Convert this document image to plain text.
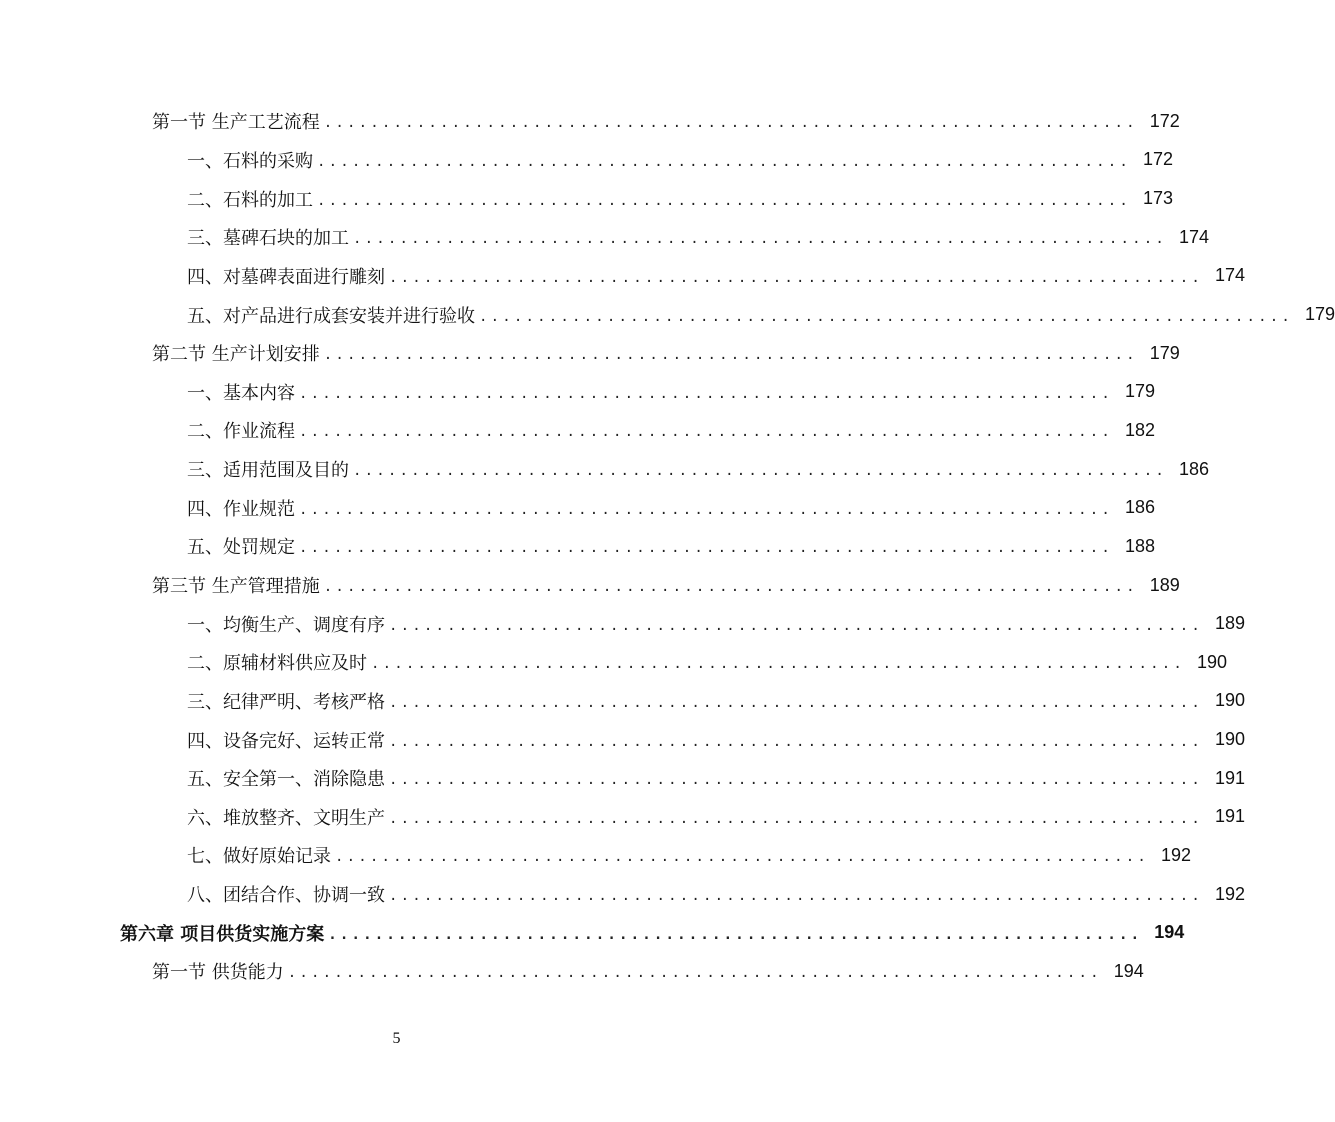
第一节 生产工艺流程 ...................................................................... 172
一、石料的采购 ...................................................................... 172
二、石料的加工 ...................................................................... 173
三、墓碑石块的加工 ...................................................................... 174
四、对墓碑表面进行雕刻 ...................................................................... 174
五、对产品进行成套安装并进行验收 ...................................................................... 179
第二节 生产计划安排 ...................................................................... 179
一、基本内容 ...................................................................... 179
二、作业流程 ...................................................................... 182
三、适用范围及目的 ...................................................................... 186
四、作业规范 ...................................................................... 186
五、处罚规定 ...................................................................... 188
第三节 生产管理措施 ...................................................................... 189
一、均衡生产、调度有序 ...................................................................... 189
二、原辅材料供应及时 ...................................................................... 190
三、纪律严明、考核严格 ...................................................................... 190
四、设备完好、运转正常 ...................................................................... 190
五、安全第一、消除隐患 ...................................................................... 191
六、堆放整齐、文明生产 ...................................................................... 191
七、做好原始记录 ...................................................................... 192
八、团结合作、协调一致 ...................................................................... 192
第六章 项目供货实施方案 ...................................................................... 194
第一节 供货能力 ...................................................................... 194
5
